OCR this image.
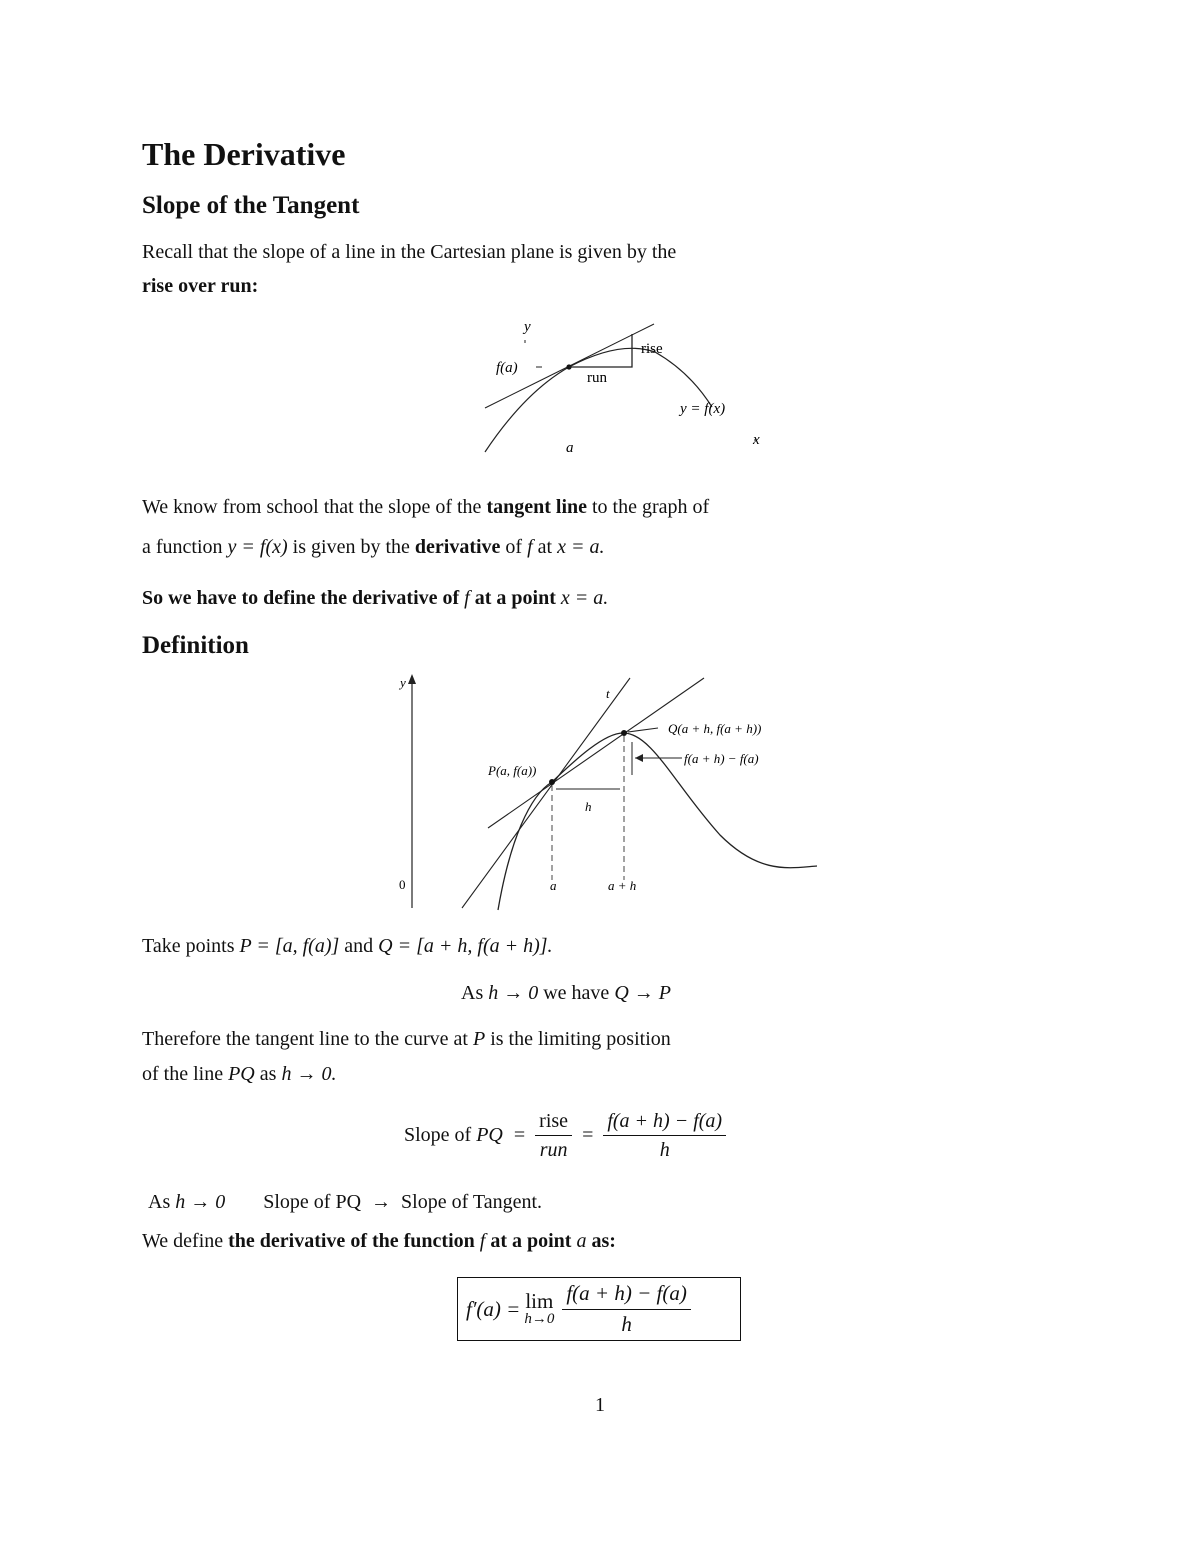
The Derivative
Slope of the Tangent
Recall that the slope of a line in the Cartesian plane is given by the
rise over run:
y
f(a)
rise
run
y = f(x)
a	x
We know from school that the slope of the tangent line to the graph of
a function y = f(x) is given by the derivative of f at x = a.
So we have to define the derivative of f at a point x = a.
Definition
y
t
0
Q(a + h, f(a + h))
f(a + h) − f(a)
P(a, f(a))
h
a	a + h
Take points P = [a, f(a)] and Q = [a + h, f(a + h)].
As h → 0 we have Q → P
Therefore the tangent line to the curve at P is the limiting position
of the line PQ as h → 0.
Slope of
PQ
= $\frac{\text{rise}}{\text{run}} = \frac{f(a + h) - f(a)}{h}$
As h → 0 Slope of PQ → Slope of Tangent.
We define the derivative of the function f at a point a as:
f′(a) = lim
$h\to 0 \frac{f(a + h) - f(a)}{h}$
1
